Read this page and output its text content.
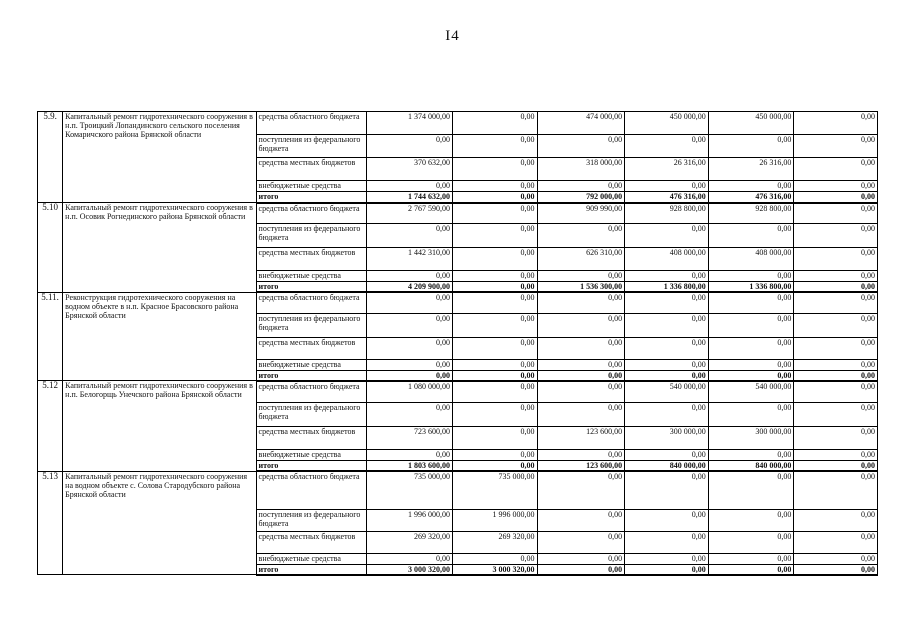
I4
5.9.	Капитальный ремонт гидротехнического сооружения в н.п. Троицкий Лопандинского сельского поселения Комаричского района Брянской области	средства областного бюджета	1 374 000,00	0,00	474 000,00	450 000,00	450 000,00	0,00
		поступления из федерального бюджета	0,00	0,00	0,00	0,00	0,00	0,00
		средства местных бюджетов	370 632,00	0,00	318 000,00	26 316,00	26 316,00	0,00
		внебюджетные средства	0,00	0,00	0,00	0,00	0,00	0,00
		итого	1 744 632,00	0,00	792 000,00	476 316,00	476 316,00	0,00
5.10	Капитальный ремонт гидротехнического сооружения в н.п. Осовик Рогнединского района Брянской области	средства областного бюджета	2 767 590,00	0,00	909 990,00	928 800,00	928 800,00	0,00
		поступления из федерального бюджета	0,00	0,00	0,00	0,00	0,00	0,00
		средства местных бюджетов	1 442 310,00	0,00	626 310,00	408 000,00	408 000,00	0,00
		внебюджетные средства	0,00	0,00	0,00	0,00	0,00	0,00
		итого	4 209 900,00	0,00	1 536 300,00	1 336 800,00	1 336 800,00	0,00
5.11.	Реконструкция гидротехнического сооружения на водном объекте в н.п. Красное Брасовского района Брянской области	средства областного бюджета	0,00	0,00	0,00	0,00	0,00	0,00
		поступления из федерального бюджета	0,00	0,00	0,00	0,00	0,00	0,00
		средства местных бюджетов	0,00	0,00	0,00	0,00	0,00	0,00
		внебюджетные средства	0,00	0,00	0,00	0,00	0,00	0,00
		итого	0,00	0,00	0,00	0,00	0,00	0,00
5.12	Капитальный ремонт гидротехнического сооружения в н.п. Белогорщь Унечского района Брянской области	средства областного бюджета	1 080 000,00	0,00	0,00	540 000,00	540 000,00	0,00
		поступления из федерального бюджета	0,00	0,00	0,00	0,00	0,00	0,00
		средства местных бюджетов	723 600,00	0,00	123 600,00	300 000,00	300 000,00	0,00
		внебюджетные средства	0,00	0,00	0,00	0,00	0,00	0,00
		итого	1 803 600,00	0,00	123 600,00	840 000,00	840 000,00	0,00
5.13	Капитальный ремонт гидротехнического сооружения на водном объекте с. Солова Стародубского района Брянской области	средства областного бюджета	735 000,00	735 000,00	0,00	0,00	0,00	0,00
		поступления из федерального бюджета	1 996 000,00	1 996 000,00	0,00	0,00	0,00	0,00
		средства местных бюджетов	269 320,00	269 320,00	0,00	0,00	0,00	0,00
		внебюджетные средства	0,00	0,00	0,00	0,00	0,00	0,00
		итого	3 000 320,00	3 000 320,00	0,00	0,00	0,00	0,00
